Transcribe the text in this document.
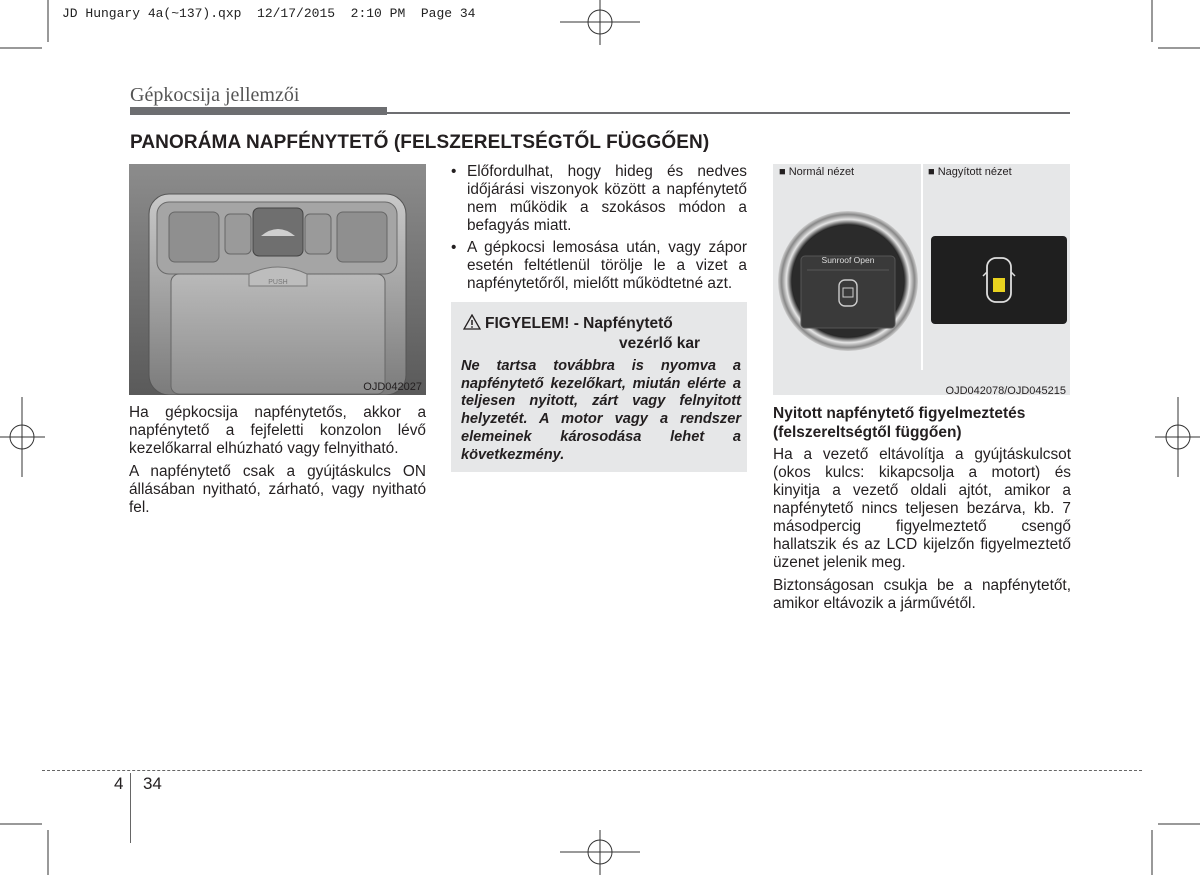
JD Hungary 4a(~137).qxp  12/17/2015  2:10 PM  Page 34
Gépkocsija jellemzői
PANORÁMA NAPFÉNYTETŐ (FELSZERELTSÉGTŐL FÜGGŐEN)
PUSH
OJD042027

Ha gépkocsija napfénytetős, akkor a napfénytető a fejfeletti konzolon lévő kezelőkarral elhúzható vagy felnyitható.

A napfénytető csak a gyújtáskulcs ON állásában nyitható, zárható, vagy nyitható fel.

• Előfordulhat, hogy hideg és nedves időjárási viszonyok között a napfénytető nem működik a szokásos módon a befagyás miatt.
• A gépkocsi lemosása után, vagy zápor esetén feltétlenül törölje le a vizet a napfénytetőről, mielőtt működtetné azt.
FIGYELEM! - Napfénytető
vezérlő kar
Ne tartsa továbbra is nyomva a napfénytető kezelőkart, miután elérte a teljesen nyitott, zárt vagy felnyitott helyzetét. A motor vagy a rendszer elemeinek károsodása lehet a következmény.
■ Normál nézet	■ Nagyított nézet
Sunroof Open
OJD042078/OJD045215
Nyitott napfénytető figyelmeztetés (felszereltségtől függően)

Ha a vezető eltávolítja a gyújtáskulcsot (okos kulcs: kikapcsolja a motort) és kinyitja a vezető oldali ajtót, amikor a napfénytető nincs teljesen bezárva, kb. 7 másodpercig figyelmeztető csengő hallatszik és az LCD kijelzőn figyelmeztető üzenet jelenik meg.

Biztonságosan csukja be a napfénytetőt, amikor eltávozik a járművétől.

4 34
